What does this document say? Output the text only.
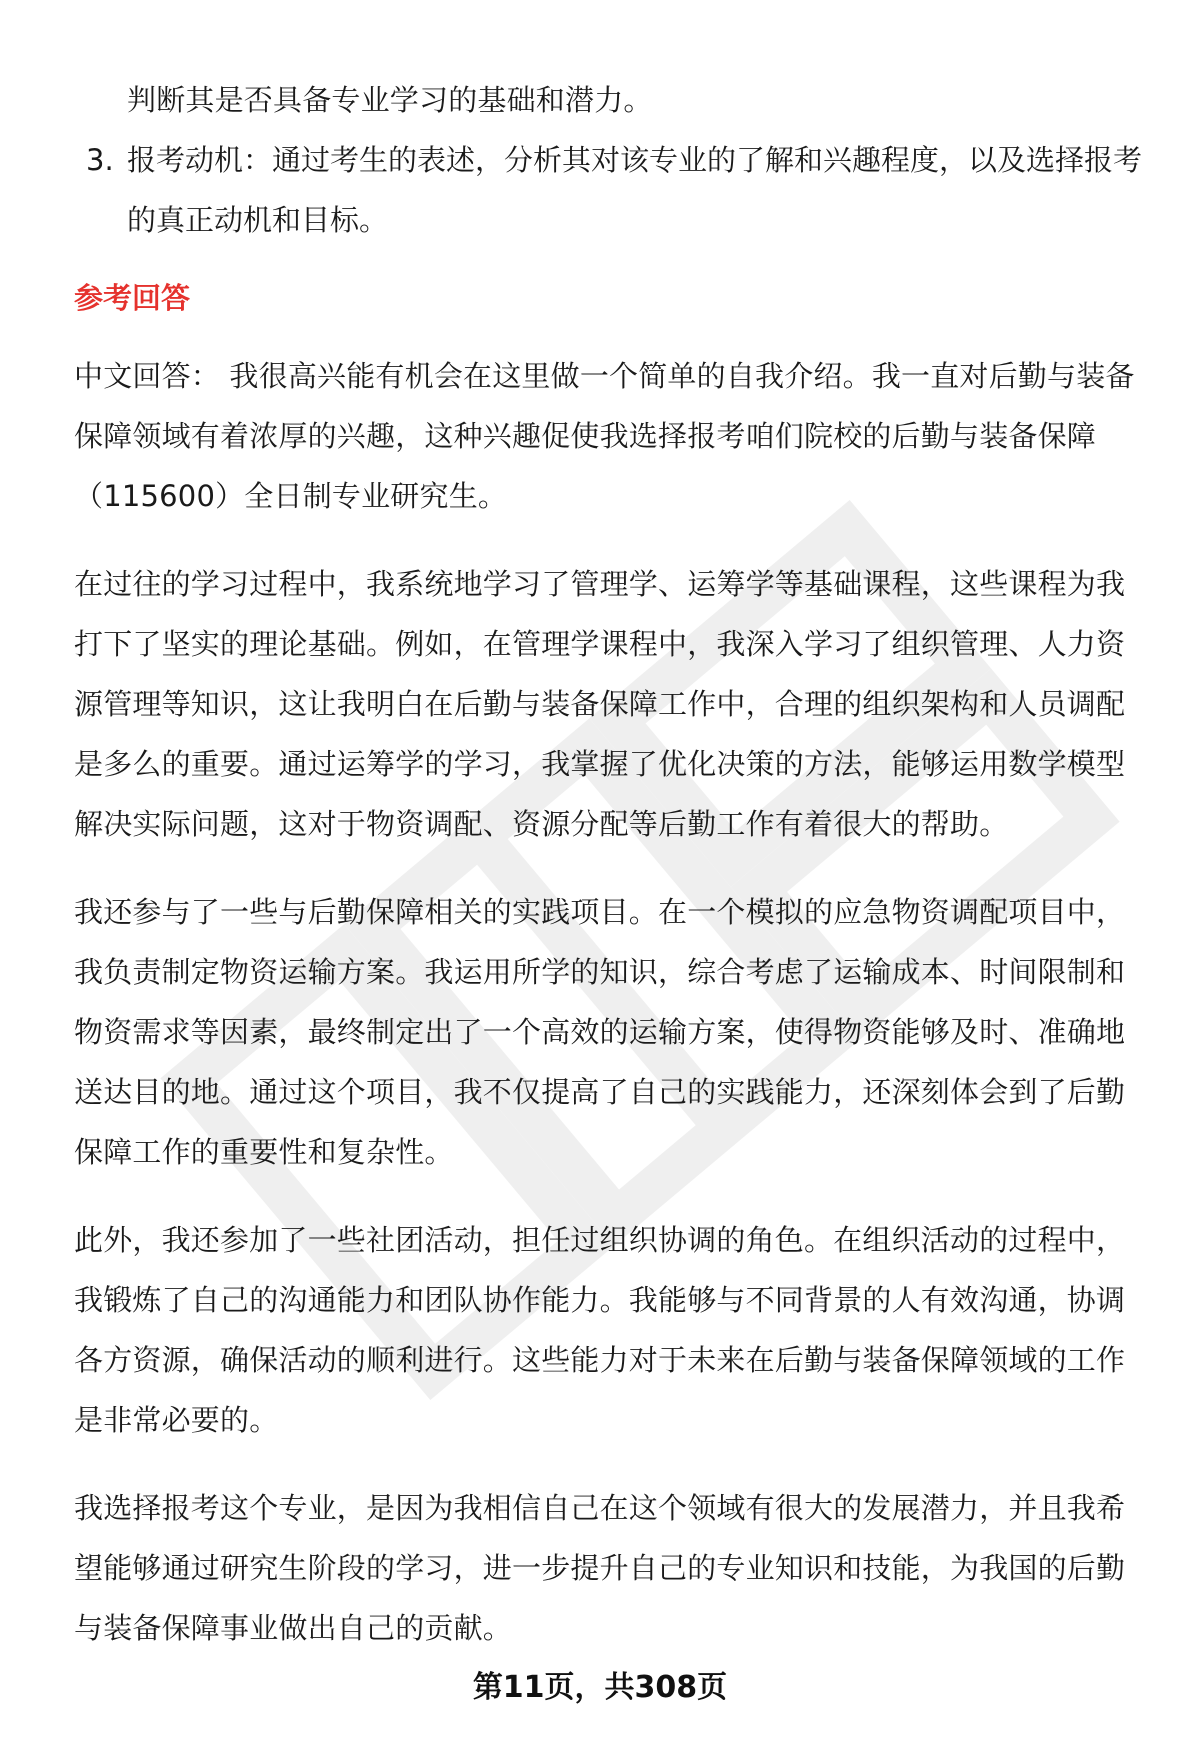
判断其是否具备专业学习的基础和潜力。

3. 报考动机：通过考生的表述，分析其对该专业的了解和兴趣程度，以及选择报考的真正动机和目标。
参考回答

中文回答： 我很高兴能有机会在这里做一个简单的自我介绍。我一直对后勤与装备保障领域有着浓厚的兴趣，这种兴趣促使我选择报考咱们院校的后勤与装备保障（115600）全日制专业研究生。

在过往的学习过程中，我系统地学习了管理学、运筹学等基础课程，这些课程为我打下了坚实的理论基础。例如，在管理学课程中，我深入学习了组织管理、人力资源管理等知识，这让我明白在后勤与装备保障工作中，合理的组织架构和人员调配是多么的重要。通过运筹学的学习，我掌握了优化决策的方法，能够运用数学模型解决实际问题，这对于物资调配、资源分配等后勤工作有着很大的帮助。

我还参与了一些与后勤保障相关的实践项目。在一个模拟的应急物资调配项目中，我负责制定物资运输方案。我运用所学的知识，综合考虑了运输成本、时间限制和物资需求等因素，最终制定出了一个高效的运输方案，使得物资能够及时、准确地送达目的地。通过这个项目，我不仅提高了自己的实践能力，还深刻体会到了后勤保障工作的重要性和复杂性。

此外，我还参加了一些社团活动，担任过组织协调的角色。在组织活动的过程中，我锻炼了自己的沟通能力和团队协作能力。我能够与不同背景的人有效沟通，协调各方资源，确保活动的顺利进行。这些能力对于未来在后勤与装备保障领域的工作是非常必要的。

我选择报考这个专业，是因为我相信自己在这个领域有很大的发展潜力，并且我希望能够通过研究生阶段的学习，进一步提升自己的专业知识和技能，为我国的后勤与装备保障事业做出自己的贡献。

第11页，共308页
